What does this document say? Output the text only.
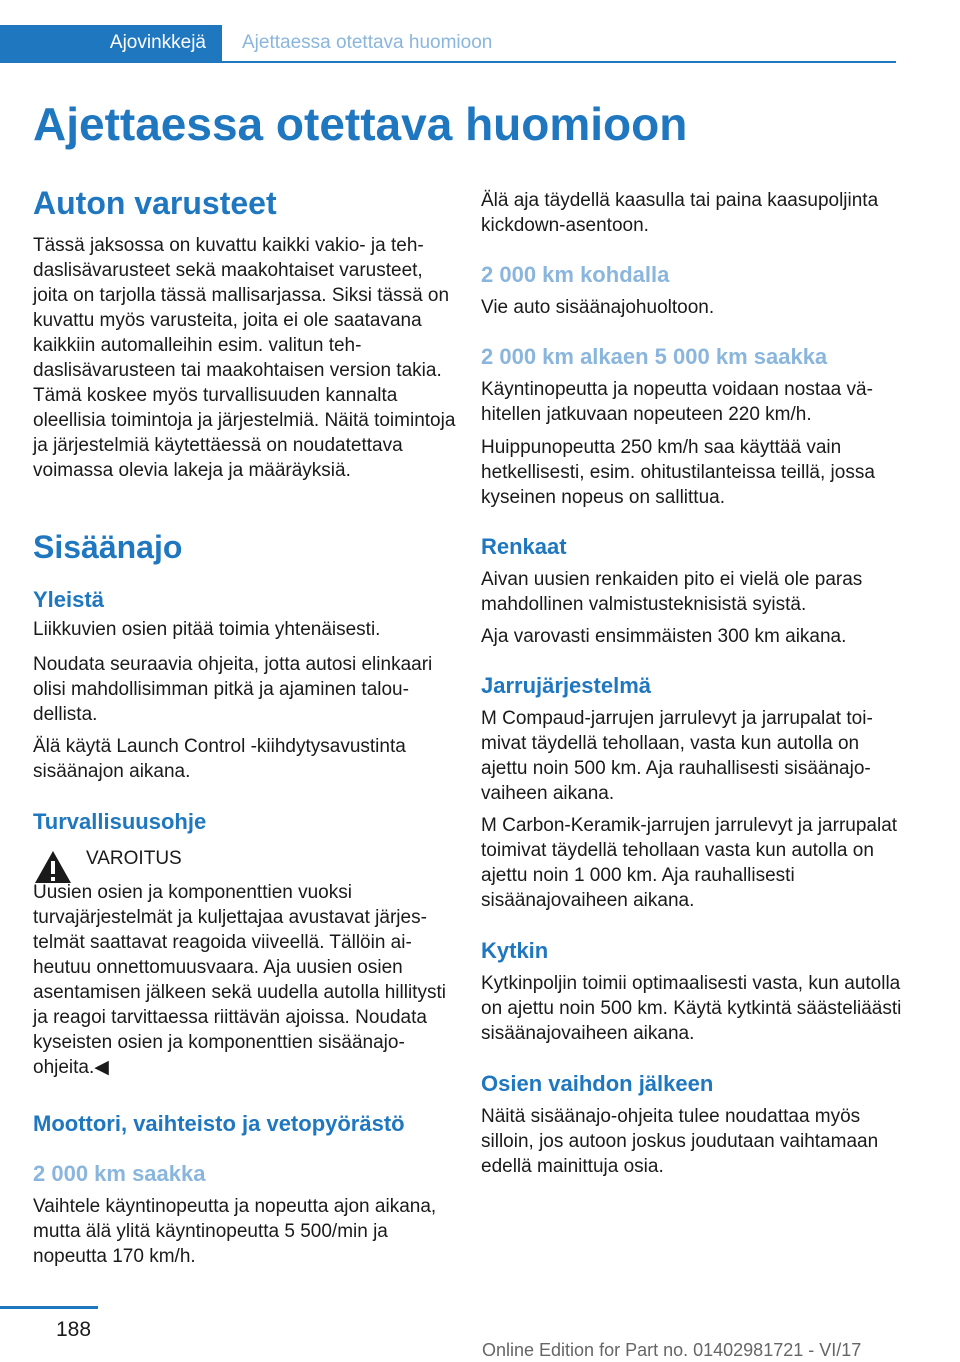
Ajovinkkejä	Ajettaessa otettava huomioon
Ajettaessa otettava huomioon
Auton varusteet

Tässä jaksossa on kuvattu kaikki vakio- ja tehdaslisävarusteet sekä maakohtaiset varusteet, joita on tarjolla tässä mallisarjassa. Siksi tässä on kuvattu myös varusteita, joita ei ole saatavana kaikkiin automalleihin esim. valitun tehdaslisävarusteen tai maakohtaisen version takia. Tämä koskee myös turvallisuuden kannalta oleellisia toimintoja ja järjestelmiä. Näitä toimintoja ja järjestelmiä käytettäessä on noudatettava voimassa olevia lakeja ja määräyksiä.

Sisäänajo
Yleistä

Liikkuvien osien pitää toimia yhtenäisesti.

Noudata seuraavia ohjeita, jotta autosi elinkaari olisi mahdollisimman pitkä ja ajaminen taloudellista.

Älä käytä Launch Control -kiihdytysavustinta sisäänajon aikana.

Turvallisuusohje
VAROITUS

Uusien osien ja komponenttien vuoksi turvajärjestelmät ja kuljettajaa avustavat järjestelmät saattavat reagoida viiveellä. Tällöin aiheutuu onnettomuusvaara. Aja uusien osien asentamisen jälkeen sekä uudella autolla hillitysti ja reagoi tarvittaessa riittävän ajoissa. Noudata kyseisten osien ja komponenttien sisäänajo-ohjeita.◀

Moottori, vaihteisto ja vetopyörästö
2 000 km saakka

Vaihtele käyntinopeutta ja nopeutta ajon aikana, mutta älä ylitä käyntinopeutta 5 500/min ja nopeutta 170 km/h.

Älä aja täydellä kaasulla tai paina kaasupoljinta kickdown-asentoon.

2 000 km kohdalla

Vie auto sisäänajohuoltoon.

2 000 km alkaen 5 000 km saakka

Käyntinopeutta ja nopeutta voidaan nostaa vähitellen jatkuvaan nopeuteen 220 km/h.

Huippunopeutta 250 km/h saa käyttää vain hetkellisesti, esim. ohitustilanteissa teillä, jossa kyseinen nopeus on sallittua.

Renkaat

Aivan uusien renkaiden pito ei vielä ole paras mahdollinen valmistusteknisistä syistä.

Aja varovasti ensimmäisten 300 km aikana.

Jarrujärjestelmä

M Compaud-jarrujen jarrulevyt ja jarrupalat toimivat täydellä tehollaan, vasta kun autolla on ajettu noin 500 km. Aja rauhallisesti sisäänajovaiheen aikana.

M Carbon-Keramik-jarrujen jarrulevyt ja jarrupalat toimivat täydellä tehollaan vasta kun autolla on ajettu noin 1 000 km. Aja rauhallisesti sisäänajovaiheen aikana.

Kytkin

Kytkinpoljin toimii optimaalisesti vasta, kun autolla on ajettu noin 500 km. Käytä kytkintä säästeliäästi sisäänajovaiheen aikana.

Osien vaihdon jälkeen

Näitä sisäänajo-ohjeita tulee noudattaa myös silloin, jos autoon joskus joudutaan vaihtamaan edellä mainittuja osia.

188
Online Edition for Part no. 01402981721 - VI/17
